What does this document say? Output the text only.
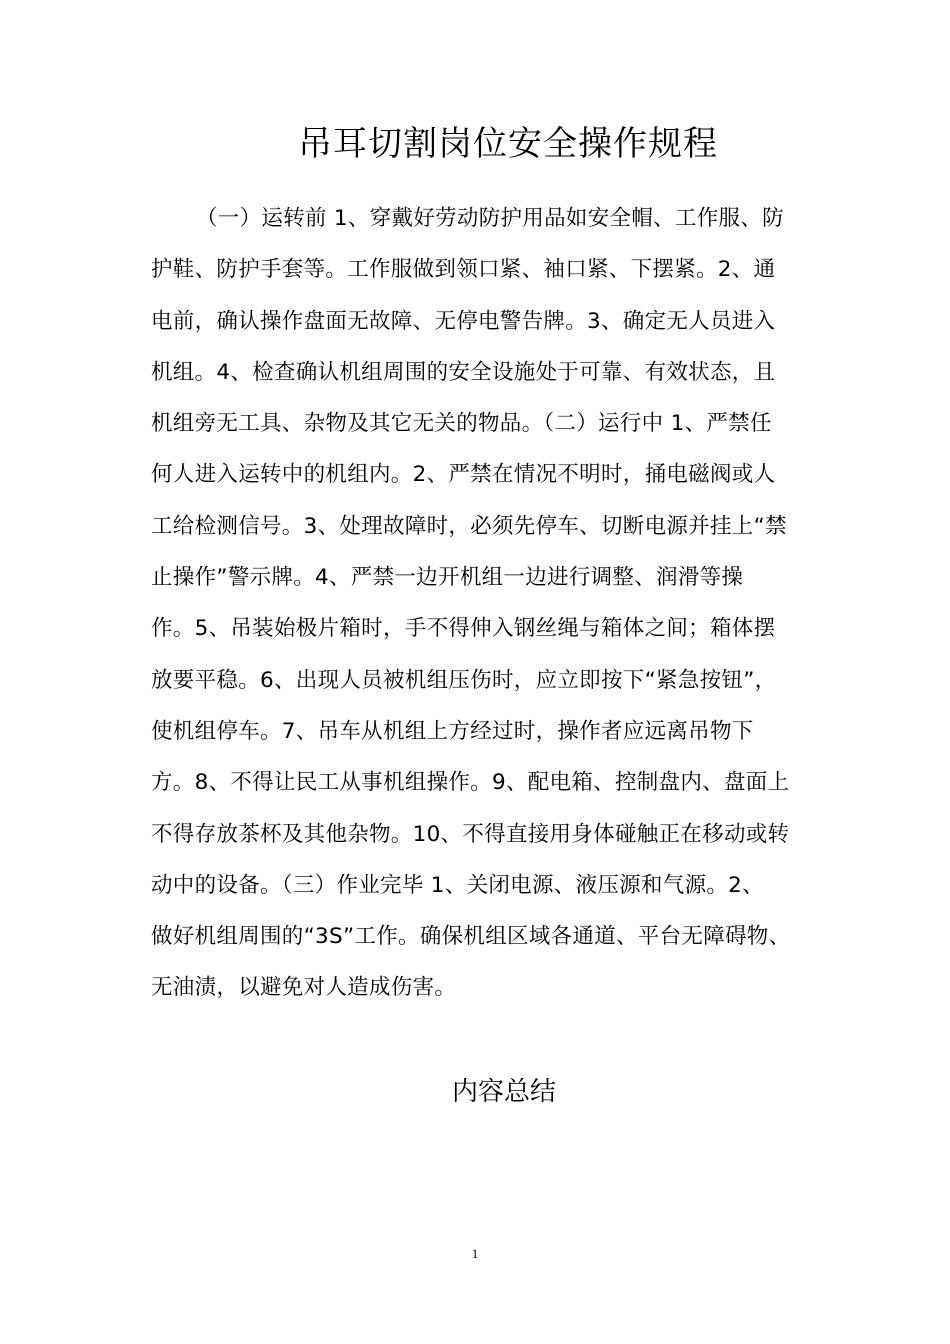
吊耳切割岗位安全操作规程
（一）运转前 1、穿戴好劳动防护用品如安全帽、工作服、防
护鞋、防护手套等。工作服做到领口紧、袖口紧、下摆紧。2、通
电前，确认操作盘面无故障、无停电警告牌。3、确定无人员进入
机组。4、检查确认机组周围的安全设施处于可靠、有效状态，且
机组旁无工具、杂物及其它无关的物品。（二）运行中 1、严禁任
何人进入运转中的机组内。2、严禁在情况不明时，捅电磁阀或人
工给检测信号。3、处理故障时，必须先停车、切断电源并挂上“禁
止操作”警示牌。4、严禁一边开机组一边进行调整、润滑等操
作。5、吊装始极片箱时，手不得伸入钢丝绳与箱体之间；箱体摆
放要平稳。6、出现人员被机组压伤时，应立即按下“紧急按钮”，
使机组停车。7、吊车从机组上方经过时，操作者应远离吊物下
方。8、不得让民工从事机组操作。9、配电箱、控制盘内、盘面上
不得存放茶杯及其他杂物。10、不得直接用身体碰触正在移动或转
动中的设备。（三）作业完毕 1、关闭电源、液压源和气源。2、
做好机组周围的“3S”工作。确保机组区域各通道、平台无障碍物、
无油渍，以避免对人造成伤害。
内容总结
1
